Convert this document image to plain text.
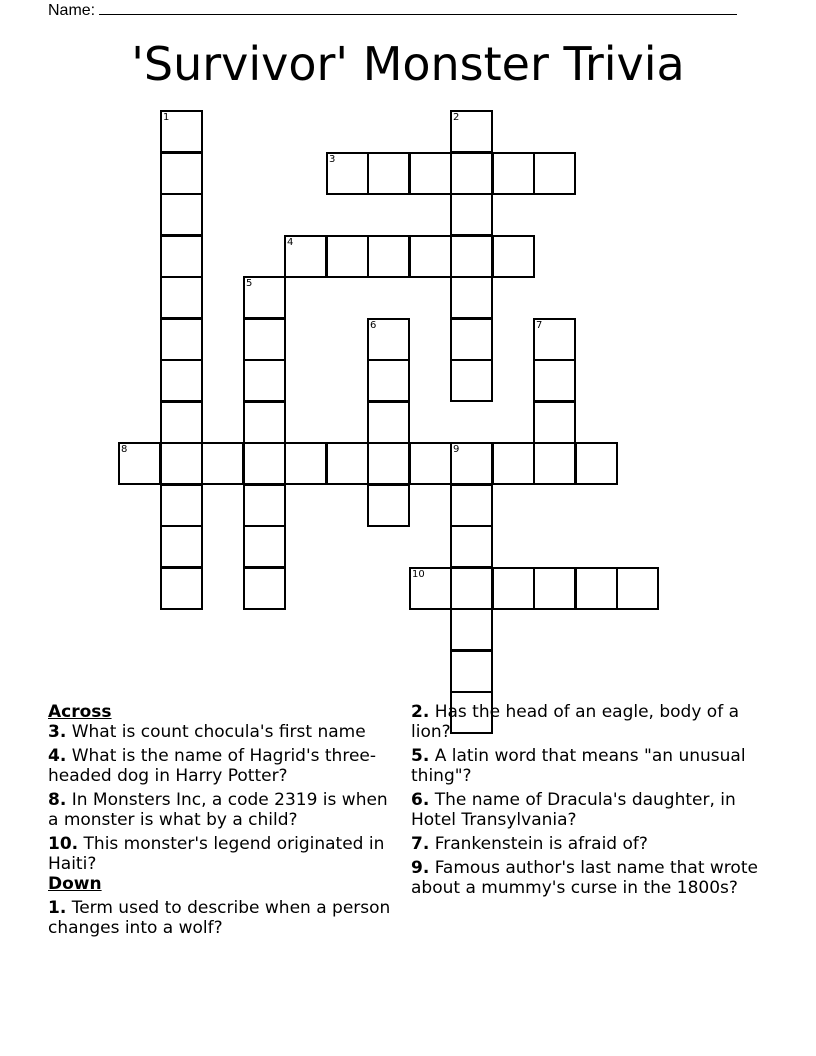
Name:
'Survivor' Monster Trivia
1	2
3
4
5
6	7
8	9
10

Across

3. What is count chocula's first name
4. What is the name of Hagrid's three-headed dog in Harry Potter?
8. In Monsters Inc, a code 2319 is when a monster is what by a child?
10. This monster's legend originated in Haiti?

Down

1. Term used to describe when a person changes into a wolf?
2. Has the head of an eagle, body of a lion?
5. A latin word that means "an unusual thing"?
6. The name of Dracula's daughter, in Hotel Transylvania?
7. Frankenstein is afraid of?
9. Famous author's last name that wrote about a mummy's curse in the 1800s?
